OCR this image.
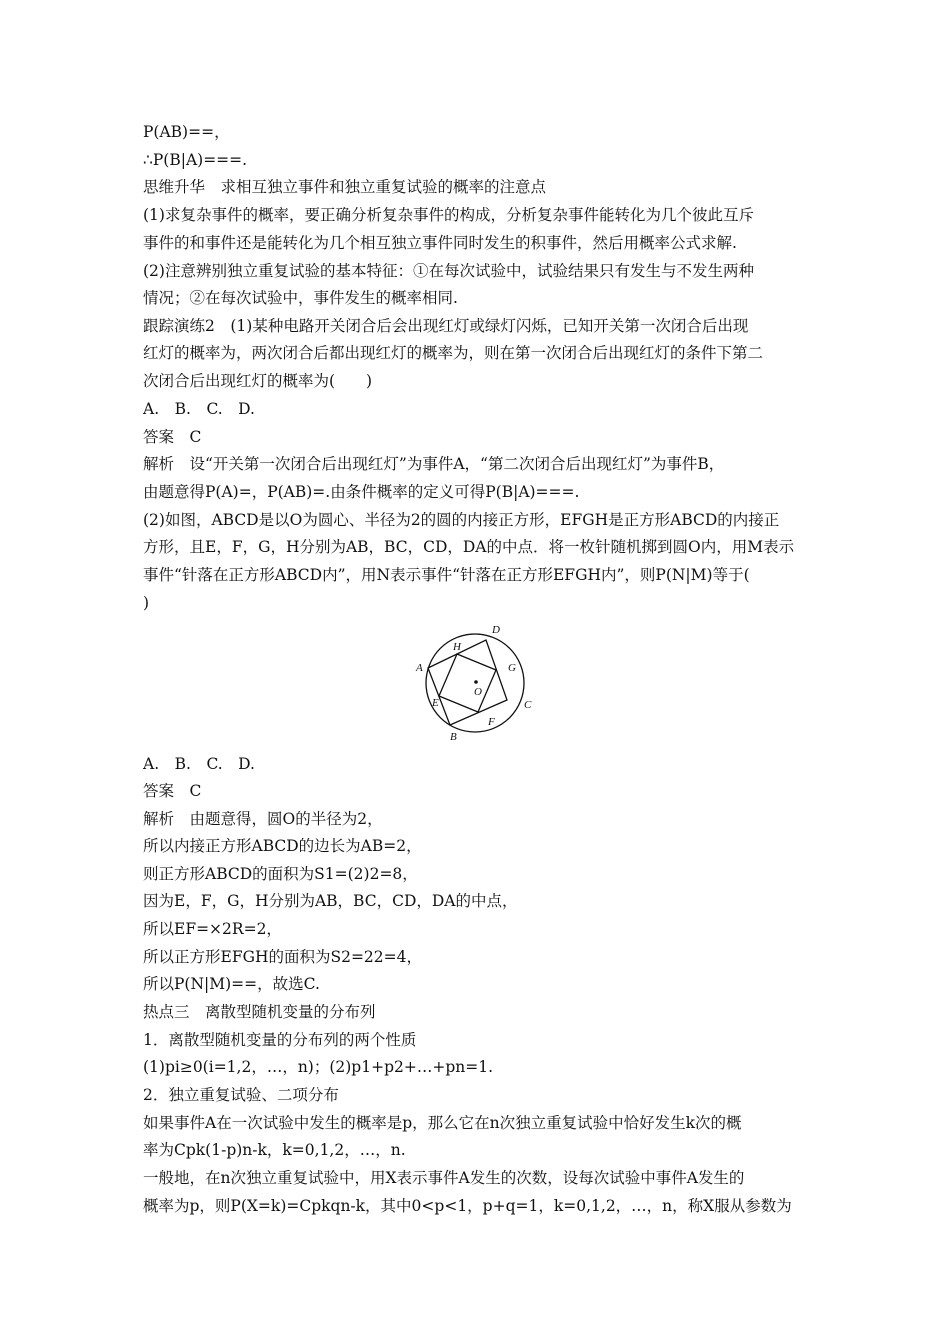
P(AB)==，
∴P(B|A)===.
思维升华　求相互独立事件和独立重复试验的概率的注意点
(1)求复杂事件的概率，要正确分析复杂事件的构成，分析复杂事件能转化为几个彼此互斥
事件的和事件还是能转化为几个相互独立事件同时发生的积事件，然后用概率公式求解.
(2)注意辨别独立重复试验的基本特征：①在每次试验中，试验结果只有发生与不发生两种
情况；②在每次试验中，事件发生的概率相同.
跟踪演练2　(1)某种电路开关闭合后会出现红灯或绿灯闪烁，已知开关第一次闭合后出现
红灯的概率为，两次闭合后都出现红灯的概率为，则在第一次闭合后出现红灯的条件下第二
次闭合后出现红灯的概率为(　　)
A.　B.　C.　D.
答案　C
解析　设“开关第一次闭合后出现红灯”为事件A，“第二次闭合后出现红灯”为事件B，
由题意得P(A)=，P(AB)=.由条件概率的定义可得P(B|A)===.
(2)如图，ABCD是以O为圆心、半径为2的圆的内接正方形，EFGH是正方形ABCD的内接正
方形，且E，F，G，H分别为AB，BC，CD，DA的中点．将一枚针随机掷到圆O内，用M表示
事件“针落在正方形ABCD内”，用N表示事件“针落在正方形EFGH内”，则P(N|M)等于(
)
A
B
C
D
E
F
G
H
O
A.　B.　C.　D.
答案　C
解析　由题意得，圆O的半径为2，
所以内接正方形ABCD的边长为AB=2，
则正方形ABCD的面积为S1=(2)2=8，
因为E，F，G，H分别为AB，BC，CD，DA的中点，
所以EF=×2R=2，
所以正方形EFGH的面积为S2=22=4，
所以P(N|M)==，故选C.
热点三　离散型随机变量的分布列
1．离散型随机变量的分布列的两个性质
(1)pi≥0(i=1,2，…，n)；(2)p1+p2+…+pn=1.
2．独立重复试验、二项分布
如果事件A在一次试验中发生的概率是p，那么它在n次独立重复试验中恰好发生k次的概
率为Cpk(1-p)n-k，k=0,1,2，…，n.
一般地，在n次独立重复试验中，用X表示事件A发生的次数，设每次试验中事件A发生的
概率为p，则P(X=k)=Cpkqn-k，其中0<p<1，p+q=1，k=0,1,2，…，n，称X服从参数为
